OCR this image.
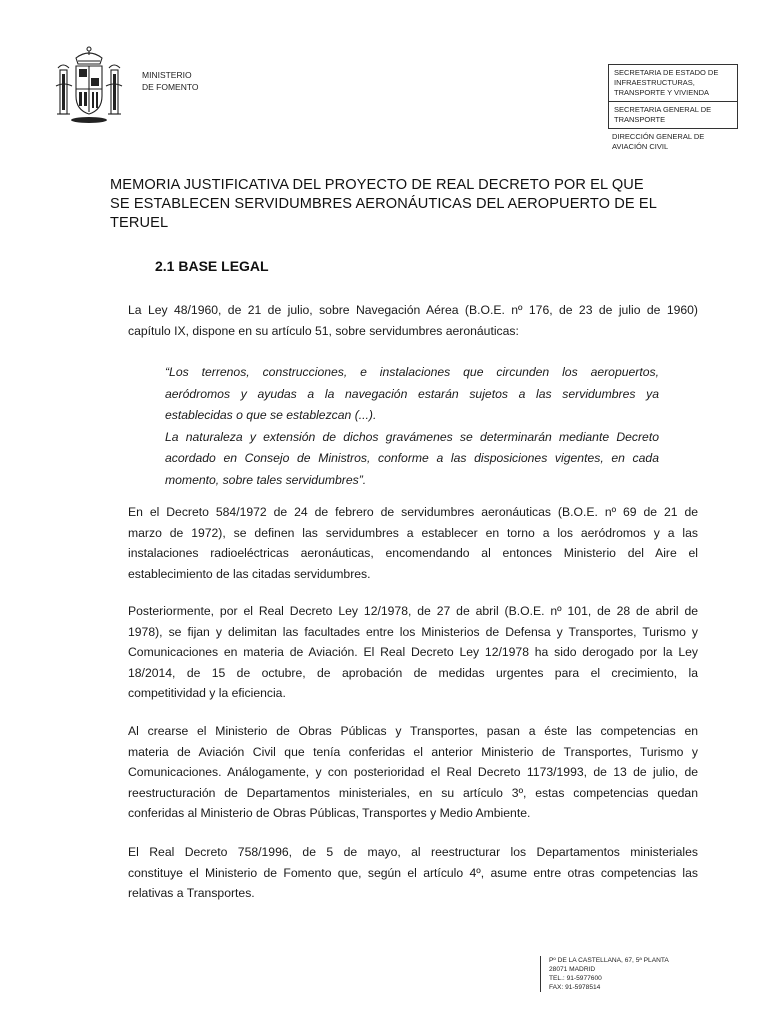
MINISTERIO
DE FOMENTO
SECRETARIA DE ESTADO DE
INFRAESTRUCTURAS,
TRANSPORTE Y VIVIENDA
SECRETARIA GENERAL DE
TRANSPORTE
DIRECCIÓN GENERAL DE
AVIACIÓN CIVIL
MEMORIA JUSTIFICATIVA DEL PROYECTO DE REAL DECRETO POR EL QUE
SE ESTABLECEN SERVIDUMBRES AERONÁUTICAS DEL AEROPUERTO DE EL
TERUEL
2.1 BASE LEGAL
La Ley 48/1960, de 21 de julio, sobre Navegación Aérea (B.O.E. nº 176, de 23 de julio de 1960)
capítulo IX, dispone en su artículo 51, sobre servidumbres aeronáuticas:
“Los terrenos, construcciones, e instalaciones que circunden los aeropuertos,
aeródromos y ayudas a la navegación estarán sujetos a las servidumbres ya
establecidas o que se establezcan (...).
La naturaleza y extensión de dichos gravámenes se determinarán mediante Decreto
acordado en Consejo de Ministros, conforme a las disposiciones vigentes, en cada
momento, sobre tales servidumbres”.
En el Decreto 584/1972 de 24 de febrero de servidumbres aeronáuticas (B.O.E. nº 69 de 21 de
marzo de 1972), se definen las servidumbres a establecer en torno a los aeródromos y a las
instalaciones radioeléctricas aeronáuticas, encomendando al entonces Ministerio del Aire el
establecimiento de las citadas servidumbres.
Posteriormente, por el Real Decreto Ley 12/1978, de 27 de abril (B.O.E. nº 101, de 28 de abril de
1978), se fijan y delimitan las facultades entre los Ministerios de Defensa y Transportes, Turismo y
Comunicaciones en materia de Aviación. El Real Decreto Ley 12/1978 ha sido derogado por la Ley
18/2014, de 15 de octubre, de aprobación de medidas urgentes para el crecimiento, la
competitividad y la eficiencia.
Al crearse el Ministerio de Obras Públicas y Transportes, pasan a éste las competencias en
materia de Aviación Civil que tenía conferidas el anterior Ministerio de Transportes, Turismo y
Comunicaciones. Análogamente, y con posterioridad el Real Decreto 1173/1993, de 13 de julio, de
reestructuración de Departamentos ministeriales, en su artículo 3º, estas competencias quedan
conferidas al Ministerio de Obras Públicas, Transportes y Medio Ambiente.
El Real Decreto 758/1996, de 5 de mayo, al reestructurar los Departamentos ministeriales
constituye el Ministerio de Fomento que, según el artículo 4º, asume entre otras competencias las
relativas a Transportes.
Pº DE LA CASTELLANA, 67, 5ª PLANTA
28071 MADRID
TEL.: 91-5977600
FAX: 91-5978514
